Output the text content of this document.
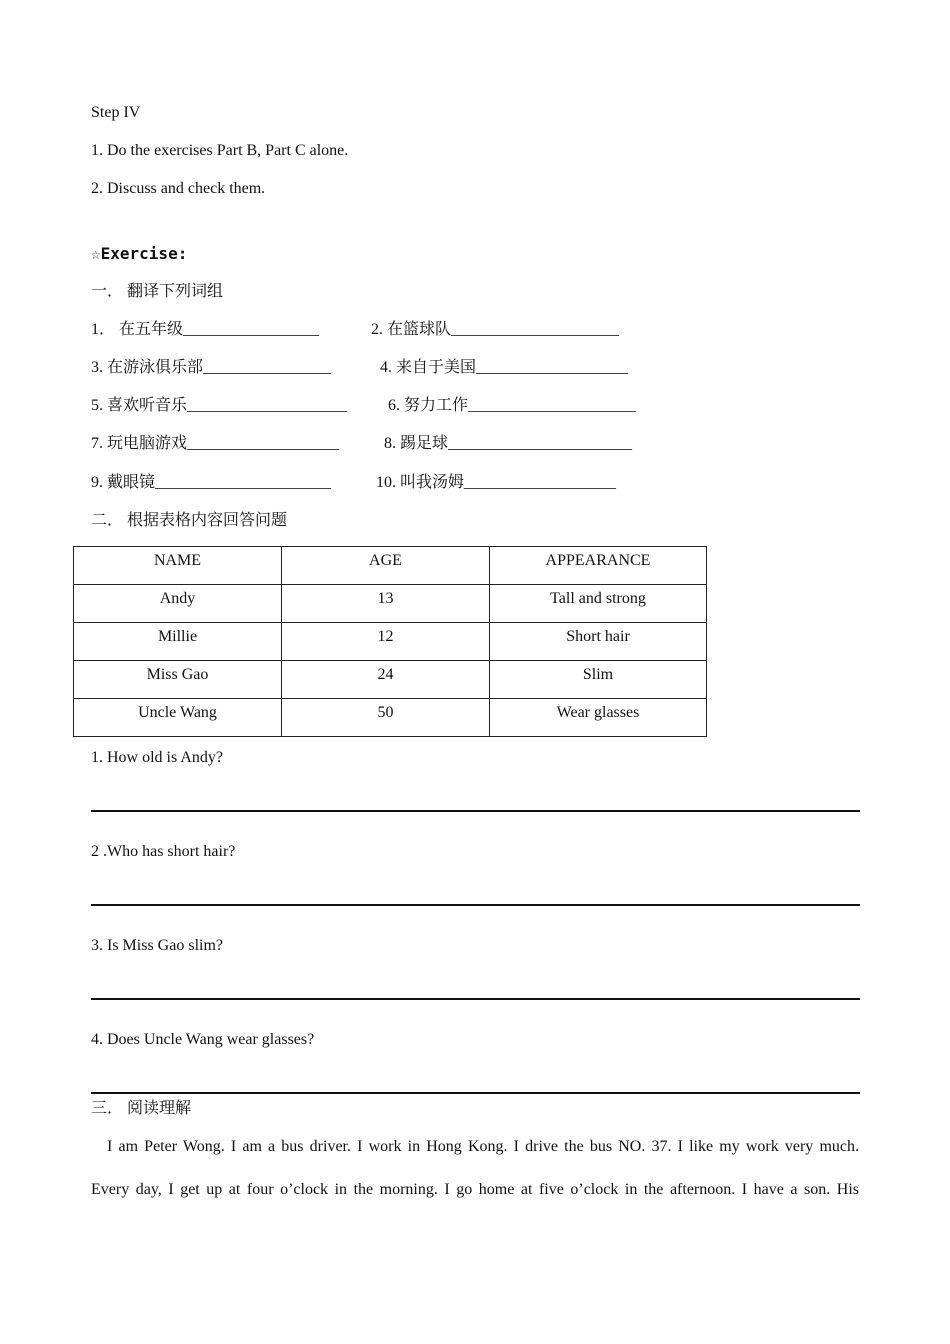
Step IV
1. Do the exercises Part B, Part C alone.
2. Discuss and check them.
☆Exercise:
一． 翻译下列词组
1． 在五年级_________________	2. 在篮球队_____________________
3. 在游泳俱乐部________________	4. 来自于美国___________________
5. 喜欢听音乐____________________	6. 努力工作_____________________
7. 玩电脑游戏___________________	8. 踢足球_______________________
9. 戴眼镜______________________	10. 叫我汤姆___________________
二． 根据表格内容回答问题
NAME	AGE	APPEARANCE
Andy	13	Tall and strong
Millie	12	Short hair
Miss Gao	24	Slim
Uncle Wang	50	Wear glasses
1. How old is Andy?
2 .Who has short hair?
3. Is Miss Gao slim?
4. Does Uncle Wang wear glasses?
三． 阅读理解
I am Peter Wong. I am a bus driver. I work in Hong Kong. I drive the bus NO. 37. I like my work very much.
Every day, I get up at four o’clock in the morning. I go home at five o’clock in the afternoon. I have a son. His
